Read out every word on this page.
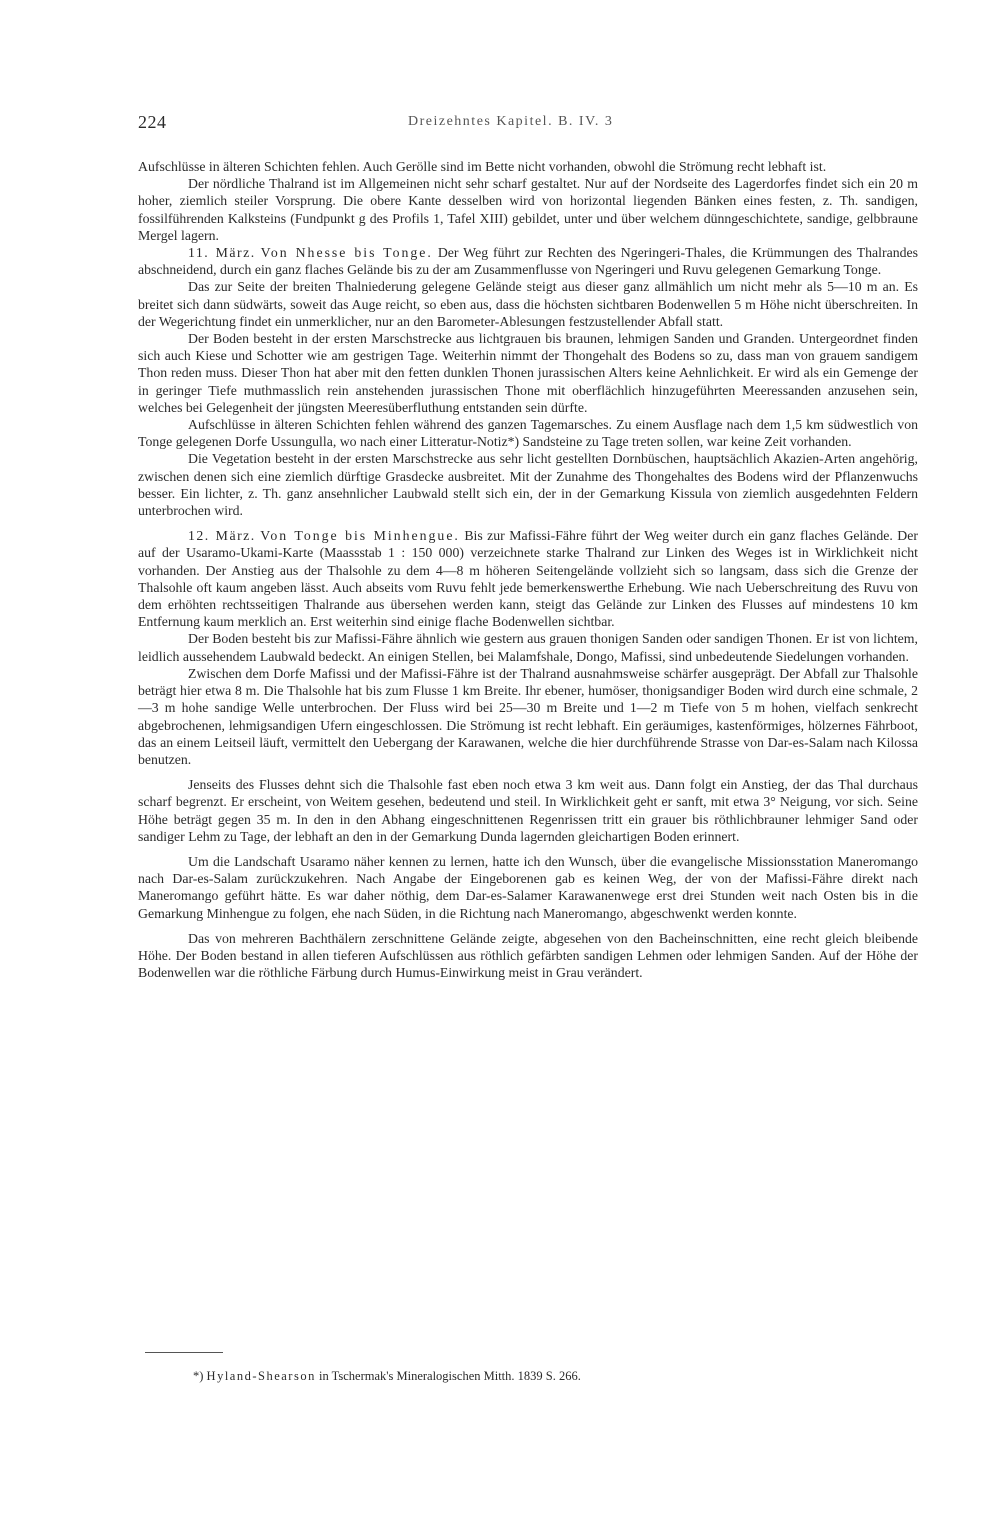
224	Dreizehntes Kapitel. B. IV. 3

Aufschlüsse in älteren Schichten fehlen. Auch Gerölle sind im Bette nicht vorhanden, obwohl die Strömung recht lebhaft ist.

Der nördliche Thalrand ist im Allgemeinen nicht sehr scharf gestaltet. Nur auf der Nordseite des Lagerdorfes findet sich ein 20 m hoher, ziemlich steiler Vorsprung. Die obere Kante desselben wird von horizontal liegenden Bänken eines festen, z. Th. sandigen, fossilführenden Kalksteins (Fundpunkt g des Profils 1, Tafel XIII) gebildet, unter und über welchem dünngeschichtete, sandige, gelbbraune Mergel lagern.

11. März. Von Nhesse bis Tonge. Der Weg führt zur Rechten des Ngeringeri-Thales, die Krümmungen des Thalrandes abschneidend, durch ein ganz flaches Gelände bis zu der am Zusammenflusse von Ngeringeri und Ruvu gelegenen Gemarkung Tonge.

Das zur Seite der breiten Thalniederung gelegene Gelände steigt aus dieser ganz allmählich um nicht mehr als 5—10 m an. Es breitet sich dann südwärts, soweit das Auge reicht, so eben aus, dass die höchsten sichtbaren Bodenwellen 5 m Höhe nicht überschreiten. In der Wegerichtung findet ein unmerklicher, nur an den Barometer-Ablesungen festzustellender Abfall statt.

Der Boden besteht in der ersten Marschstrecke aus lichtgrauen bis braunen, lehmigen Sanden und Granden. Untergeordnet finden sich auch Kiese und Schotter wie am gestrigen Tage. Weiterhin nimmt der Thongehalt des Bodens so zu, dass man von grauem sandigem Thon reden muss. Dieser Thon hat aber mit den fetten dunklen Thonen jurassischen Alters keine Aehnlichkeit. Er wird als ein Gemenge der in geringer Tiefe muthmasslich rein anstehenden jurassischen Thone mit oberflächlich hinzugeführten Meeressanden anzusehen sein, welches bei Gelegenheit der jüngsten Meeresüberfluthung entstanden sein dürfte.

Aufschlüsse in älteren Schichten fehlen während des ganzen Tagemarsches. Zu einem Ausflage nach dem 1,5 km südwestlich von Tonge gelegenen Dorfe Ussungulla, wo nach einer Litteratur-Notiz*) Sandsteine zu Tage treten sollen, war keine Zeit vorhanden.

Die Vegetation besteht in der ersten Marschstrecke aus sehr licht gestellten Dornbüschen, hauptsächlich Akazien-Arten angehörig, zwischen denen sich eine ziemlich dürftige Grasdecke ausbreitet. Mit der Zunahme des Thongehaltes des Bodens wird der Pflanzenwuchs besser. Ein lichter, z. Th. ganz ansehnlicher Laubwald stellt sich ein, der in der Gemarkung Kissula von ziemlich ausgedehnten Feldern unterbrochen wird.

12. März. Von Tonge bis Minhengue. Bis zur Mafissi-Fähre führt der Weg weiter durch ein ganz flaches Gelände. Der auf der Usaramo-Ukami-Karte (Maassstab 1 : 150 000) verzeichnete starke Thalrand zur Linken des Weges ist in Wirklichkeit nicht vorhanden. Der Anstieg aus der Thalsohle zu dem 4—8 m höheren Seitengelände vollzieht sich so langsam, dass sich die Grenze der Thalsohle oft kaum angeben lässt. Auch abseits vom Ruvu fehlt jede bemerkenswerthe Erhebung. Wie nach Ueberschreitung des Ruvu von dem erhöhten rechtsseitigen Thalrande aus übersehen werden kann, steigt das Gelände zur Linken des Flusses auf mindestens 10 km Entfernung kaum merklich an. Erst weiterhin sind einige flache Bodenwellen sichtbar.

Der Boden besteht bis zur Mafissi-Fähre ähnlich wie gestern aus grauen thonigen Sanden oder sandigen Thonen. Er ist von lichtem, leidlich aussehendem Laubwald bedeckt. An einigen Stellen, bei Malamfshale, Dongo, Mafissi, sind unbedeutende Siedelungen vorhanden.

Zwischen dem Dorfe Mafissi und der Mafissi-Fähre ist der Thalrand ausnahmsweise schärfer ausgeprägt. Der Abfall zur Thalsohle beträgt hier etwa 8 m. Die Thalsohle hat bis zum Flusse 1 km Breite. Ihr ebener, humöser, thonigsandiger Boden wird durch eine schmale, 2—3 m hohe sandige Welle unterbrochen. Der Fluss wird bei 25—30 m Breite und 1—2 m Tiefe von 5 m hohen, vielfach senkrecht abgebrochenen, lehmigsandigen Ufern eingeschlossen. Die Strömung ist recht lebhaft. Ein geräumiges, kastenförmiges, hölzernes Fährboot, das an einem Leitseil läuft, vermittelt den Uebergang der Karawanen, welche die hier durchführende Strasse von Dar-es-Salam nach Kilossa benutzen.

Jenseits des Flusses dehnt sich die Thalsohle fast eben noch etwa 3 km weit aus. Dann folgt ein Anstieg, der das Thal durchaus scharf begrenzt. Er erscheint, von Weitem gesehen, bedeutend und steil. In Wirklichkeit geht er sanft, mit etwa 3° Neigung, vor sich. Seine Höhe beträgt gegen 35 m. In den in den Abhang eingeschnittenen Regenrissen tritt ein grauer bis röthlichbrauner lehmiger Sand oder sandiger Lehm zu Tage, der lebhaft an den in der Gemarkung Dunda lagernden gleichartigen Boden erinnert.

Um die Landschaft Usaramo näher kennen zu lernen, hatte ich den Wunsch, über die evangelische Missionsstation Maneromango nach Dar-es-Salam zurückzukehren. Nach Angabe der Eingeborenen gab es keinen Weg, der von der Mafissi-Fähre direkt nach Maneromango geführt hätte. Es war daher nöthig, dem Dar-es-Salamer Karawanenwege erst drei Stunden weit nach Osten bis in die Gemarkung Minhengue zu folgen, ehe nach Süden, in die Richtung nach Maneromango, abgeschwenkt werden konnte.

Das von mehreren Bachthälern zerschnittene Gelände zeigte, abgesehen von den Bacheinschnitten, eine recht gleich bleibende Höhe. Der Boden bestand in allen tieferen Aufschlüssen aus röthlich gefärbten sandigen Lehmen oder lehmigen Sanden. Auf der Höhe der Bodenwellen war die röthliche Färbung durch Humus-Einwirkung meist in Grau verändert.

*) Hyland-Shearson in Tschermak's Mineralogischen Mitth. 1839 S. 266.
